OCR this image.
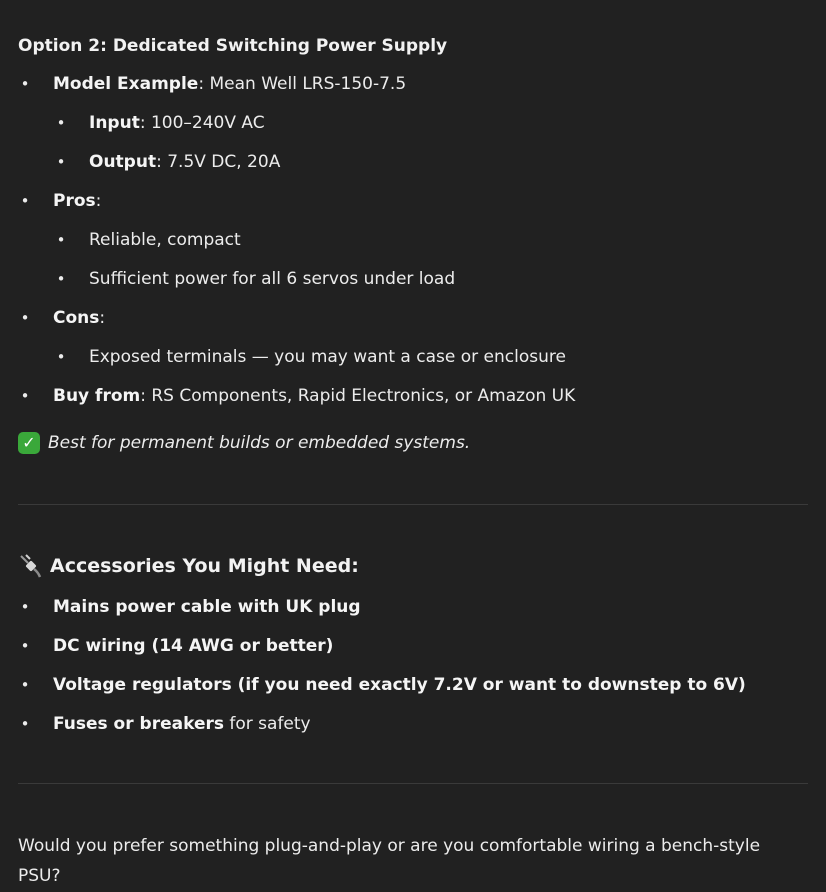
Option 2: Dedicated Switching Power Supply
• Model Example: Mean Well LRS-150-7.5
• Input: 100–240V AC
• Output: 7.5V DC, 20A
• Pros:
• Reliable, compact
• Sufficient power for all 6 servos under load
• Cons:
• Exposed terminals — you may want a case or enclosure
• Buy from: RS Components, Rapid Electronics, or Amazon UK
✓ Best for permanent builds or embedded systems.
Accessories You Might Need:
• Mains power cable with UK plug
• DC wiring (14 AWG or better)
• Voltage regulators (if you need exactly 7.2V or want to downstep to 6V)
• Fuses or breakers for safety
Would you prefer something plug-and-play or are you comfortable wiring a bench-style PSU?
